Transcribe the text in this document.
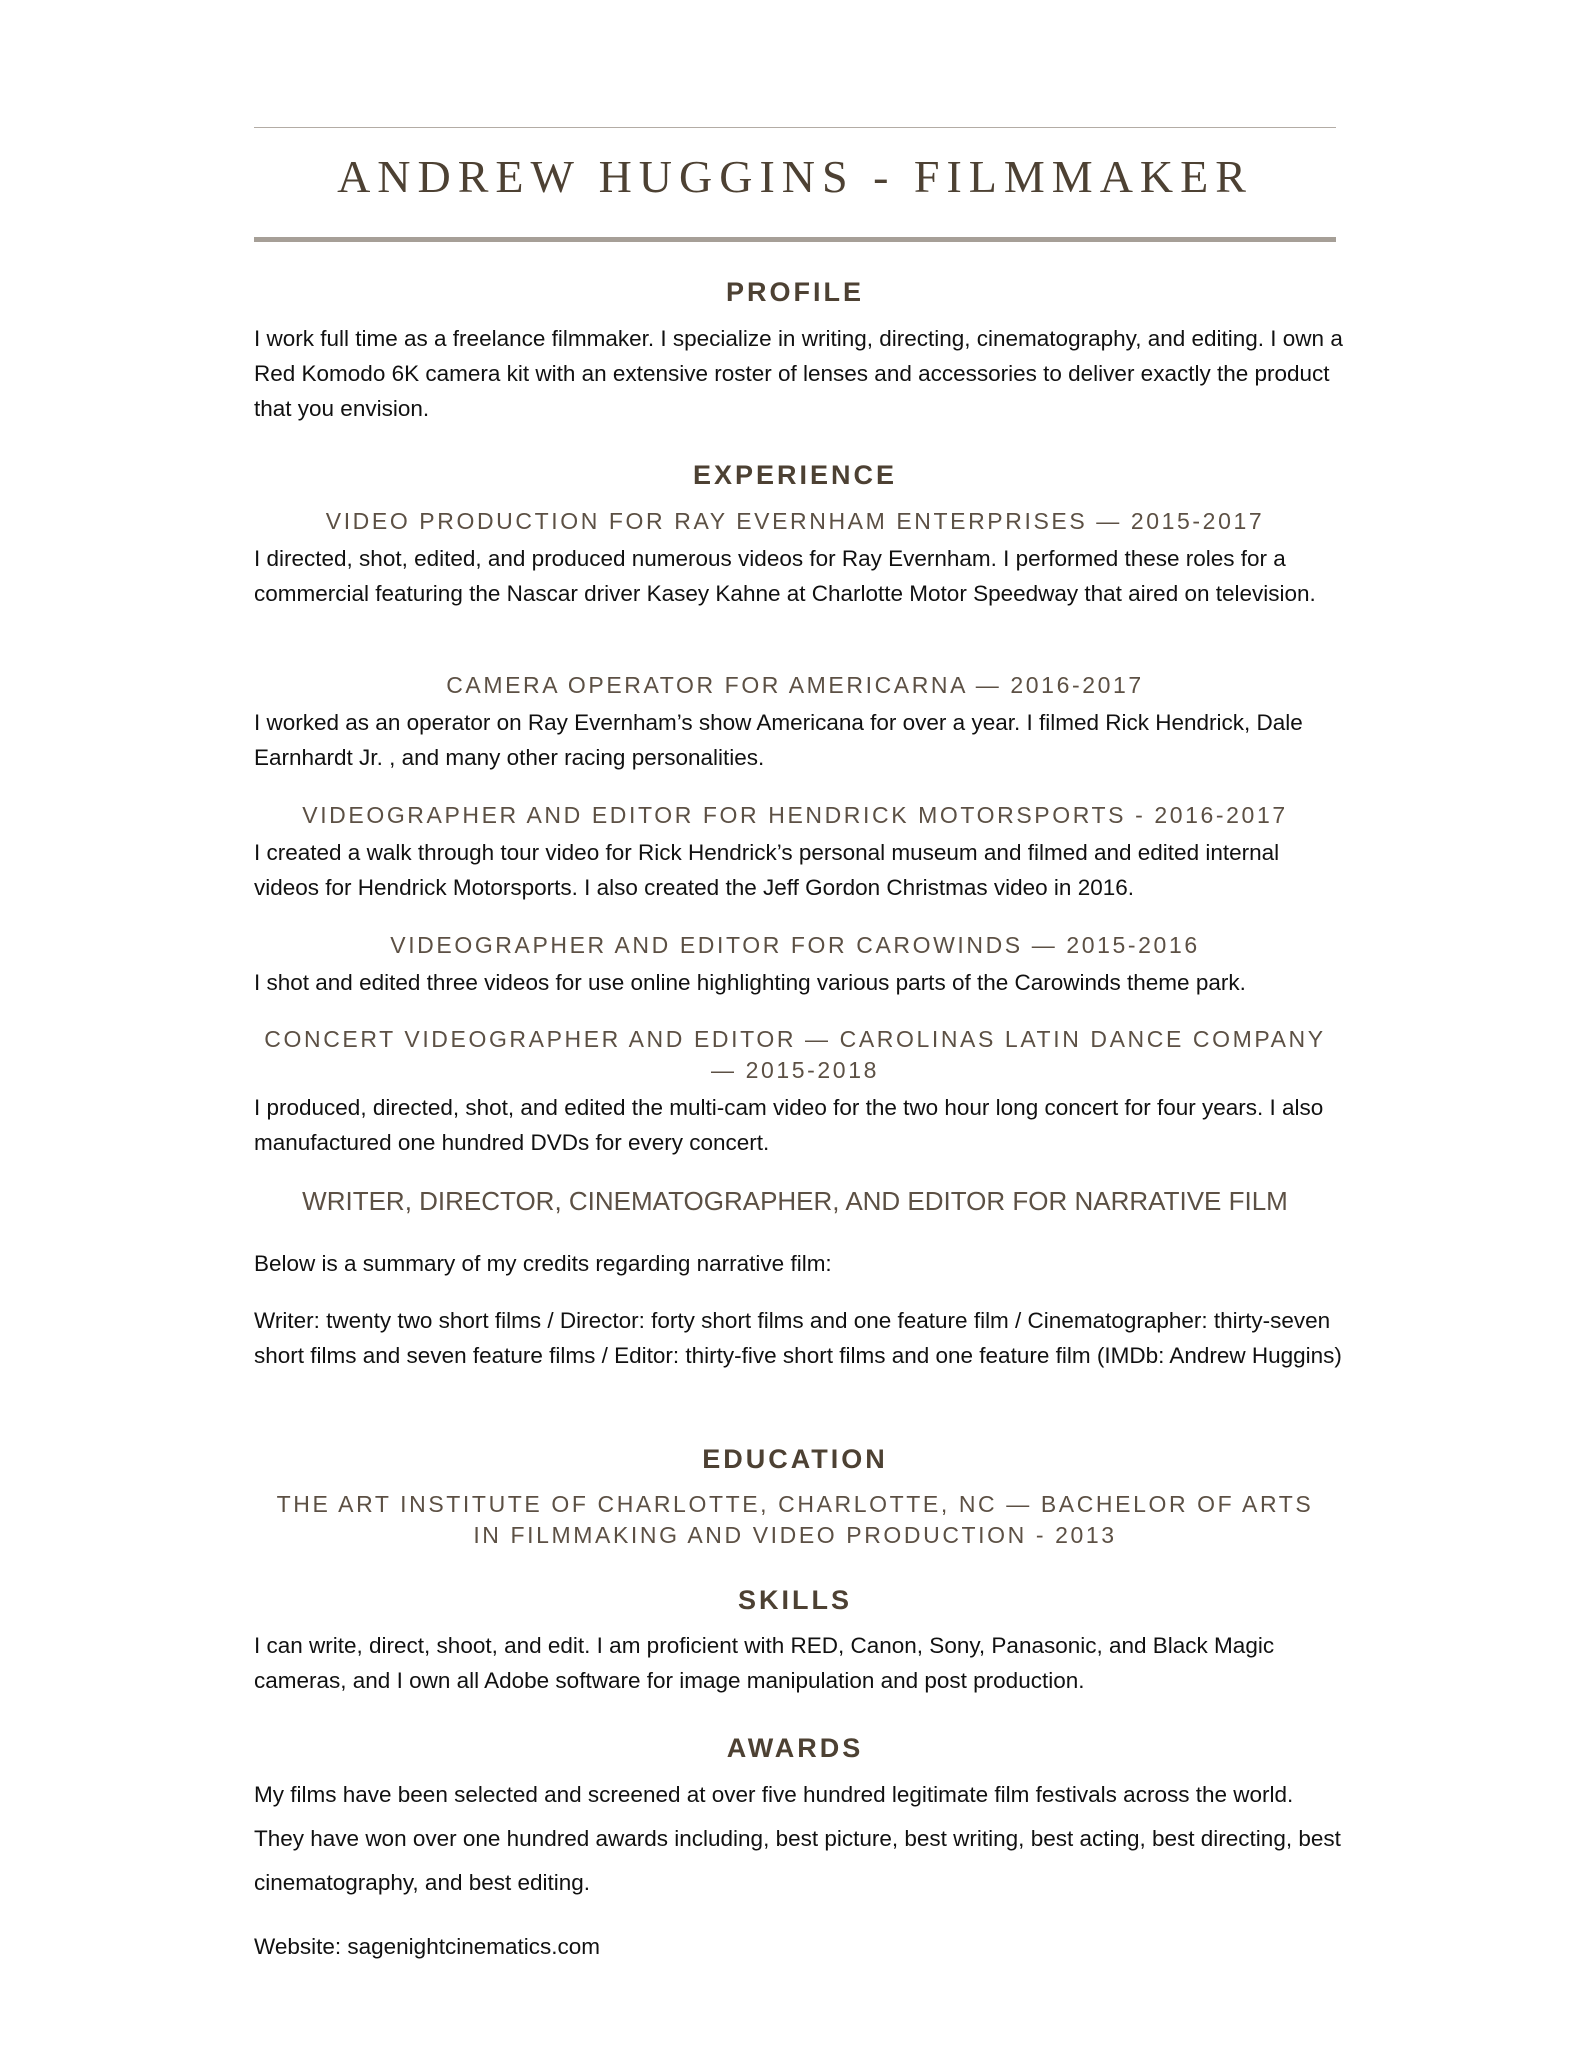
ANDREW HUGGINS - FILMMAKER
PROFILE
I work full time as a freelance filmmaker. I specialize in writing, directing, cinematography, and editing. I own a Red Komodo 6K camera kit with an extensive roster of lenses and accessories to deliver exactly the product that you envision.
EXPERIENCE
VIDEO PRODUCTION FOR RAY EVERNHAM ENTERPRISES — 2015-2017
I directed, shot, edited, and produced numerous videos for Ray Evernham. I performed these roles for a commercial featuring the Nascar driver Kasey Kahne at Charlotte Motor Speedway that aired on television.
CAMERA OPERATOR FOR AMERICARNA — 2016-2017
I worked as an operator on Ray Evernham’s show Americana for over a year. I filmed Rick Hendrick, Dale Earnhardt Jr. , and many other racing personalities.
VIDEOGRAPHER AND EDITOR FOR HENDRICK MOTORSPORTS - 2016-2017
I created a walk through tour video for Rick Hendrick’s personal museum and filmed and edited internal videos for Hendrick Motorsports. I also created the Jeff Gordon Christmas video in 2016.
VIDEOGRAPHER AND EDITOR FOR CAROWINDS — 2015-2016
I shot and edited three videos for use online highlighting various parts of the Carowinds theme park.
CONCERT VIDEOGRAPHER AND EDITOR — CAROLINAS LATIN DANCE COMPANY — 2015-2018
I produced, directed, shot, and edited the multi-cam video for the two hour long concert for four years. I also manufactured one hundred DVDs for every concert.
WRITER, DIRECTOR, CINEMATOGRAPHER, AND EDITOR FOR NARRATIVE FILM
Below is a summary of my credits regarding narrative film:
Writer: twenty two short films / Director: forty short films and one feature film / Cinematographer: thirty-seven short films and seven feature films / Editor: thirty-five short films and one feature film (IMDb: Andrew Huggins)
EDUCATION
THE ART INSTITUTE OF CHARLOTTE, CHARLOTTE, NC — BACHELOR OF ARTS IN FILMMAKING AND VIDEO PRODUCTION - 2013
SKILLS
I can write, direct, shoot, and edit. I am proficient with RED, Canon, Sony, Panasonic, and Black Magic cameras, and I own all Adobe software for image manipulation and post production.
AWARDS
My films have been selected and screened at over five hundred legitimate film festivals across the world. They have won over one hundred awards including, best picture, best writing, best acting, best directing, best cinematography, and best editing.
Website: sagenightcinematics.com
